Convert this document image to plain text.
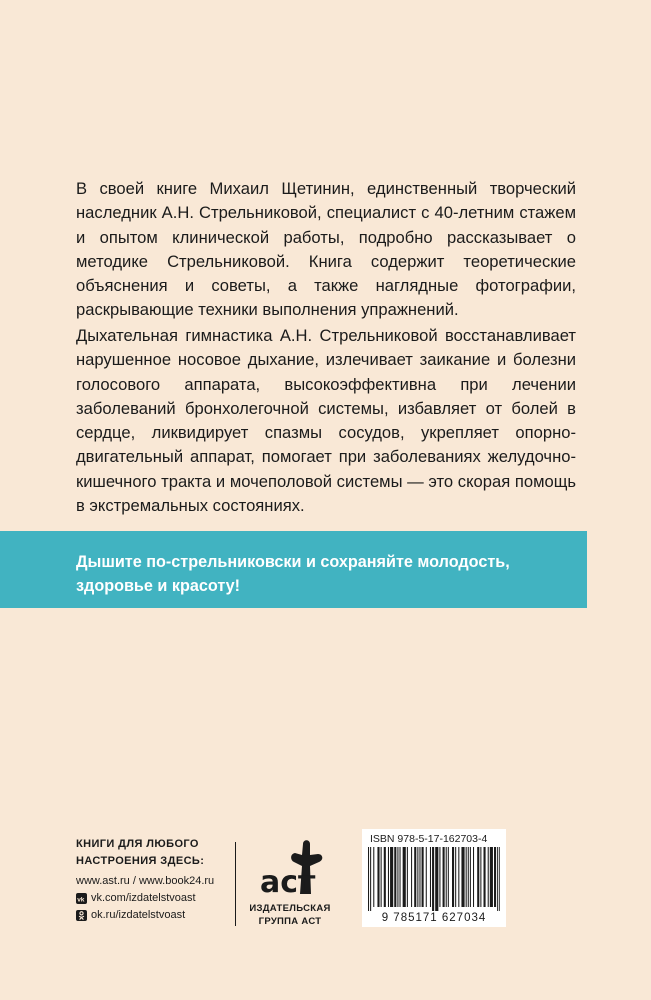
В своей книге Михаил Щетинин, единственный творческий наследник А.Н. Стрельниковой, специалист с 40-летним стажем и опытом клинической работы, подробно рассказывает о методике Стрельниковой. Книга содержит теоретические объяснения и советы, а также наглядные фотографии, раскрывающие техники выполнения упражнений.

Дыхательная гимнастика А.Н. Стрельниковой восстанавливает нарушенное носовое дыхание, излечивает заикание и болезни голосового аппарата, высокоэффективна при лечении заболеваний бронхолегочной системы, избавляет от болей в сердце, ликвидирует спазмы сосудов, укрепляет опорно-двигательный аппарат, помогает при заболеваниях желудочно-кишечного тракта и мочеполовой системы — это скорая помощь в экстремальных состояниях.

Дышите по-стрельниковски и сохраняйте молодость, здоровье и красоту!

КНИГИ ДЛЯ ЛЮБОГО
НАСТРОЕНИЯ ЗДЕСЬ:
www.ast.ru / www.book24.ru
vk vk.com/izdatelstvoast
ok.ru/izdatelstvoast
аст
ИЗДАТЕЛЬСКАЯ
ГРУППА АСТ
ISBN 978-5-17-162703-4
9 785171 627034
